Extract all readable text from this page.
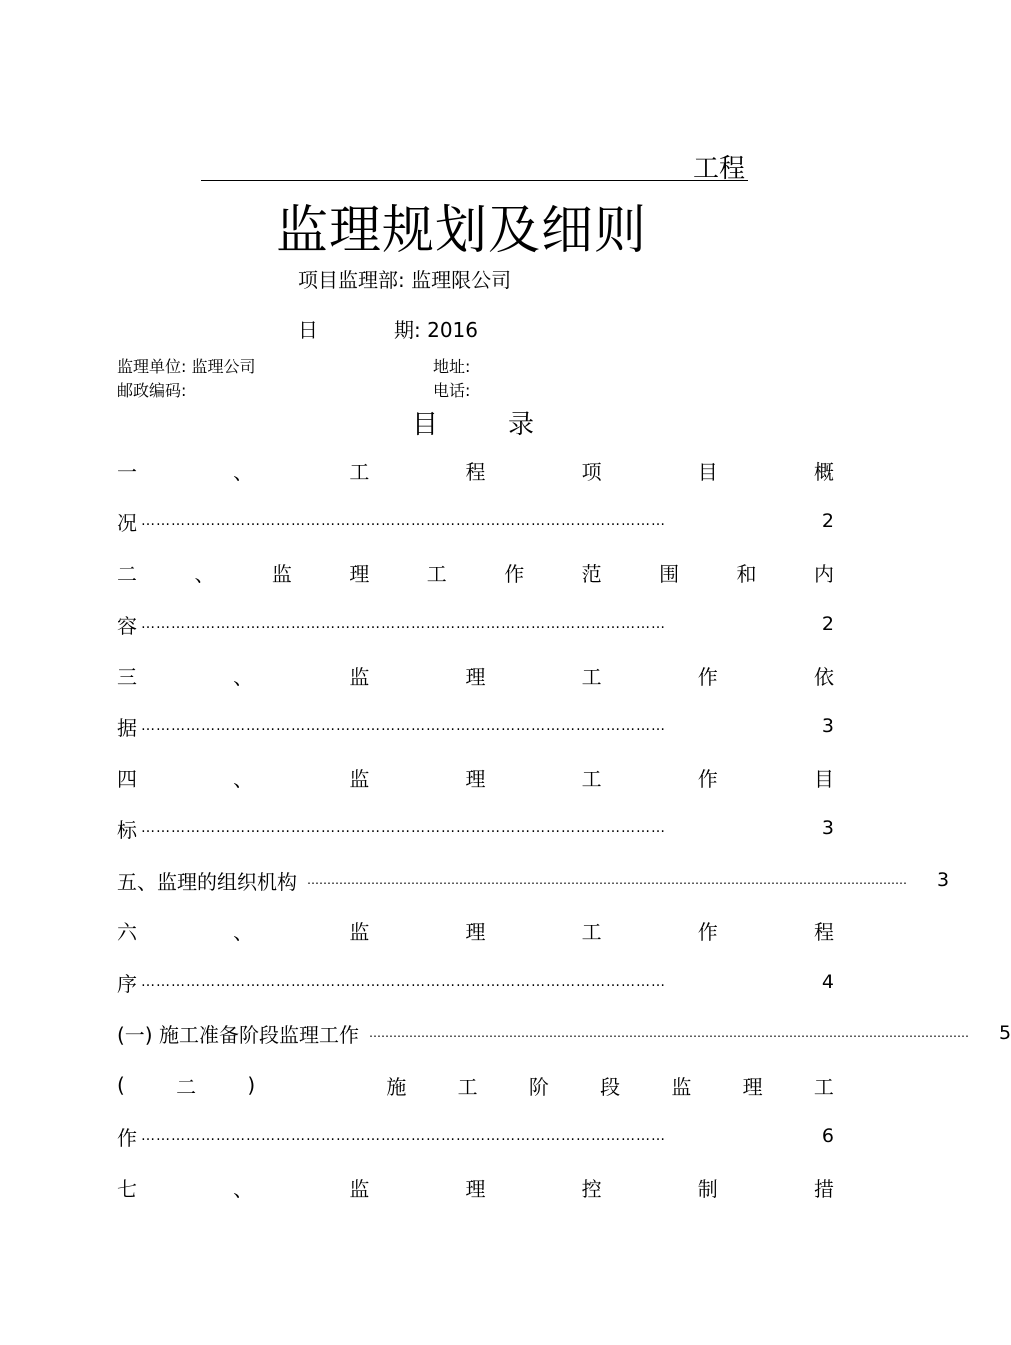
工程
监理规划及细则
项目监理部: 监理限公司
日	期: 2016
监理单位: 监理公司	地址:
邮政编码:	电话:
目	录
一	、	工	程	项	目	概
况 ……………………………………………………………………………………………	2
二	、	监	理	工	作	范	围	和	内
容 ……………………………………………………………………………………………	2
三	、	监	理	工	作	依
据 ……………………………………………………………………………………………	3
四	、	监	理	工	作	目
标 ……………………………………………………………………………………………	3
五、监理的组织机构 …………………………………………………………………………………………………………………………………… 3
六	、	监	理	工	作	程
序 ……………………………………………………………………………………………	4
(一) 施工准备阶段监理工作 …………………………………………………………………………………………………………………………………… 5
(	二	)	施	工	阶	段	监	理	工
作 ……………………………………………………………………………………………	6
七	、	监	理	控	制	措
